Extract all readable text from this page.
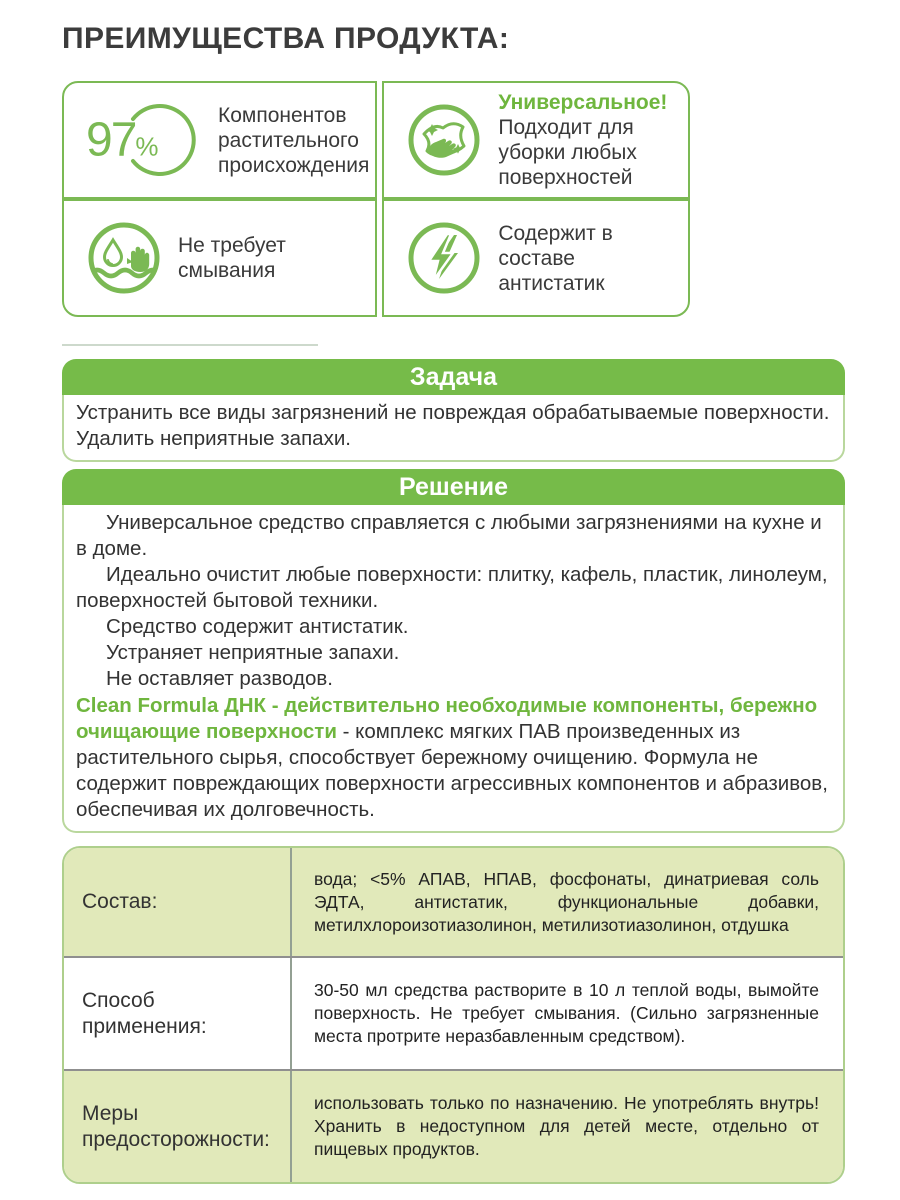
ПРЕИМУЩЕСТВА ПРОДУКТА:
97%
Компонентов растительного происхождения
Универсальное!
Подходит для уборки любых поверхностей
Не требует смывания
Содержит в составе антистатик
Задача
Устранить все виды загрязнений не повреждая обрабатываемые поверхности.
Удалить неприятные запахи.
Решение

Универсальное средство справляется с любыми загрязнениями на кухне и в доме.

Идеально очистит любые поверхности: плитку, кафель, пластик, линолеум, поверхностей бытовой техники.

Средство содержит антистатик.

Устраняет неприятные запахи.

Не оставляет разводов.

Clean Formula ДНК - действительно необходимые компоненты, бережно очищающие поверхности - комплекс мягких ПАВ произведенных из растительного сырья, способствует бережному очищению. Формула не содержит повреждающих поверхности агрессивных компонентов и абразивов, обеспечивая их долговечность.

Состав:
вода; <5% АПАВ, НПАВ, фосфонаты, динатриевая соль ЭДТА, антистатик, функциональные добавки, метилхлороизотиазолинон, метилизотиазолинон, отдушка
Способ применения:
30-50 мл средства растворите в 10 л теплой воды, вымойте поверхность. Не требует смывания. (Сильно загрязненные места протрите неразбавленным средством).
Меры предосторожности:
использовать только по назначению. Не употреблять внутрь! Хранить в недоступном для детей месте, отдельно от пищевых продуктов.
